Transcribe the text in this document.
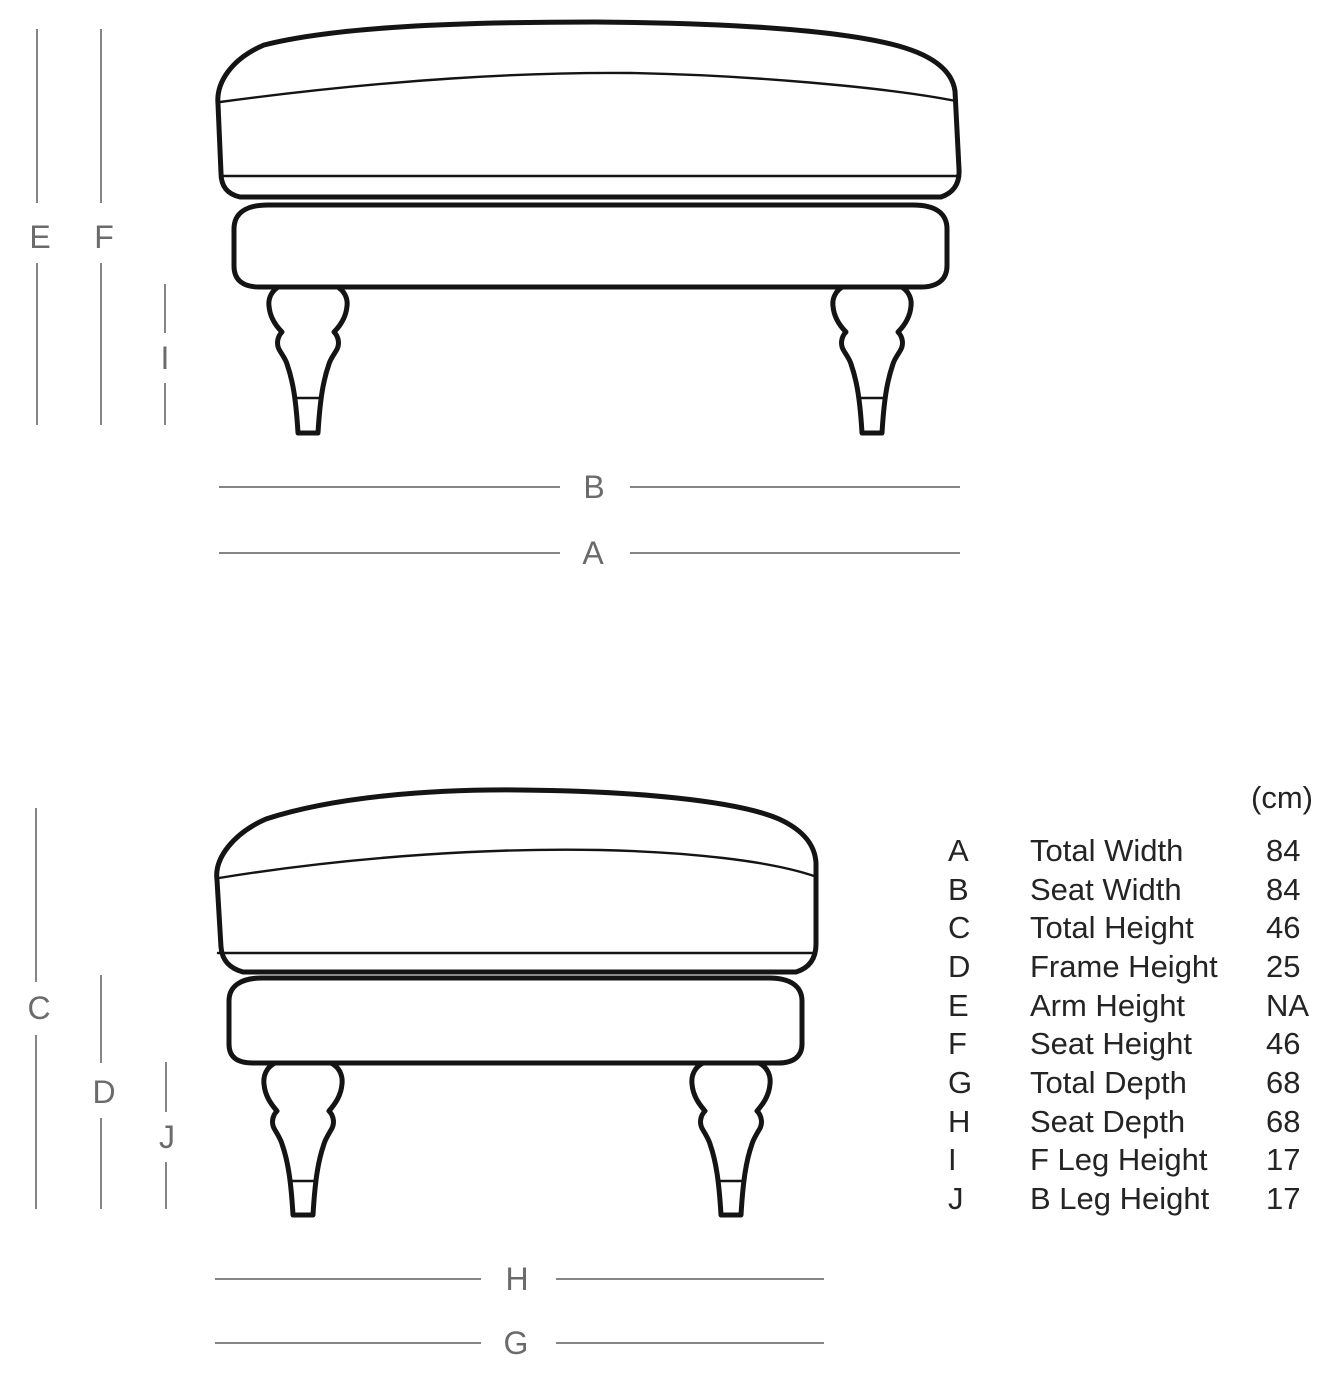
E F
I
B
A
C
D
J
H
G
(cm)
A	Total Width	84
B	Seat Width	84
C	Total Height	46
D	Frame Height	25
E	Arm Height	NA
F	Seat Height	46
G	Total Depth	68
H	Seat Depth	68
I	F Leg Height	17
J	B Leg Height	17
